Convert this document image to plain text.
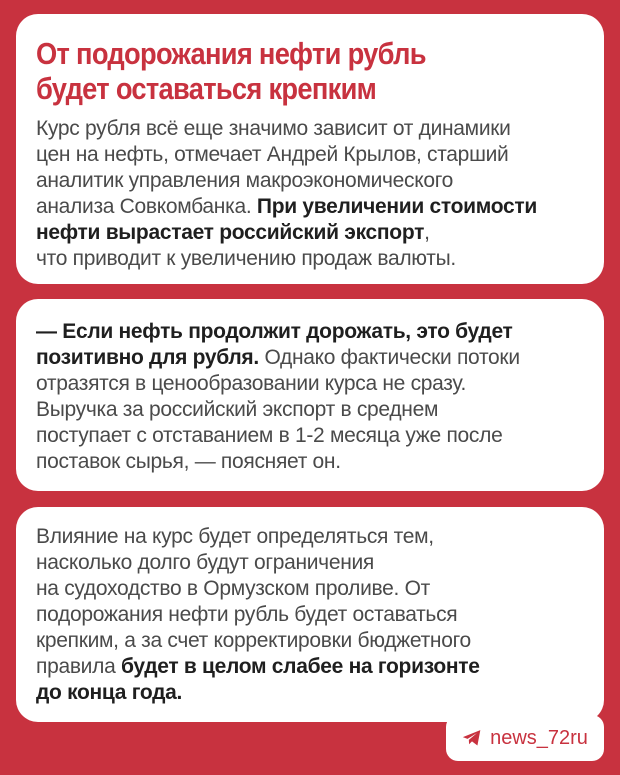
От подорожания нефти рубль
будет оставаться крепким

Курс рубля всё еще значимо зависит от динамики
цен на нефть, отмечает Андрей Крылов, старший
аналитик управления макроэкономического
анализа Совкомбанка. При увеличении стоимости
нефти вырастает российский экспорт,
что приводит к увеличению продаж валюты.

— Если нефть продолжит дорожать, это будет
позитивно для рубля. Однако фактически потоки
отразятся в ценообразовании курса не сразу.
Выручка за российский экспорт в среднем
поступает с отставанием в 1-2 месяца уже после
поставок сырья, — поясняет он.

Влияние на курс будет определяться тем,
насколько долго будут ограничения
на судоходство в Ормузском проливе. От
подорожания нефти рубль будет оставаться
крепким, а за счет корректировки бюджетного
правила будет в целом слабее на горизонте
до конца года.

news_72ru
